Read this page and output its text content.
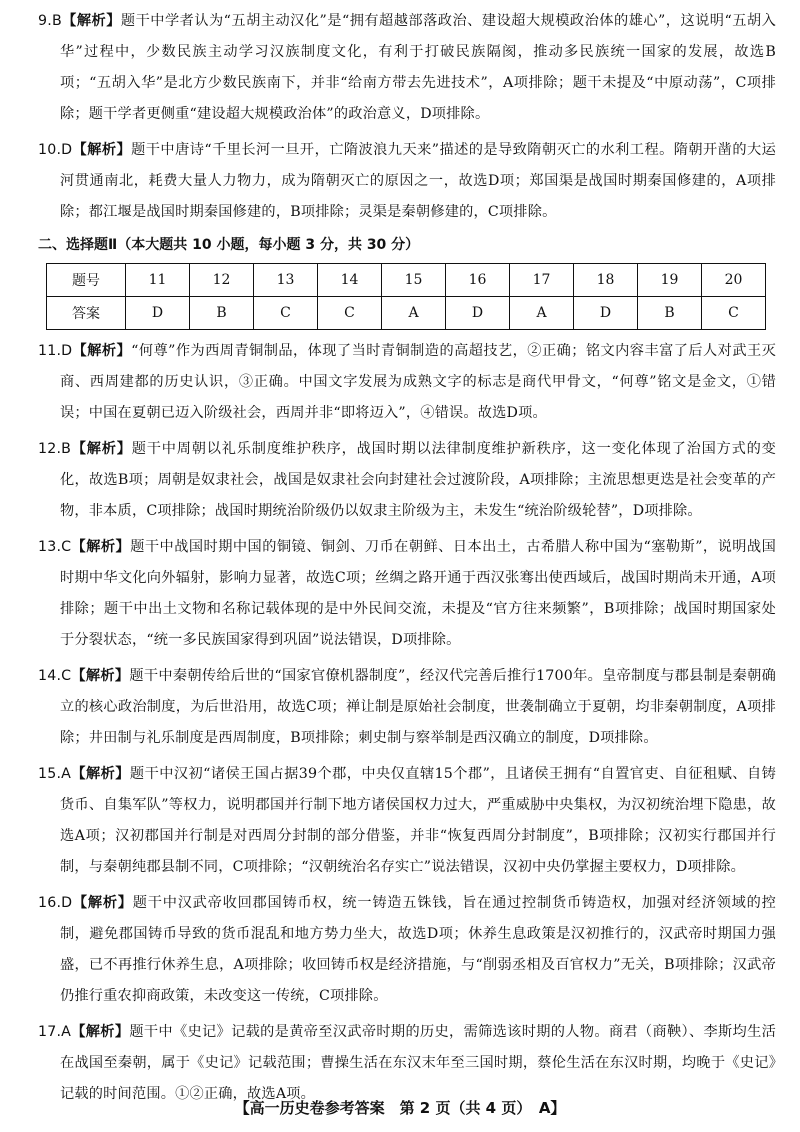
9.B【解析】题干中学者认为“五胡主动汉化”是“拥有超越部落政治、建设超大规模政治体的雄心”，这说明“五胡入华”过程中，少数民族主动学习汉族制度文化，有利于打破民族隔阂，推动多民族统一国家的发展，故选B项；“五胡入华”是北方少数民族南下，并非“给南方带去先进技术”，A项排除；题干未提及“中原动荡”，C项排除；题干学者更侧重“建设超大规模政治体”的政治意义，D项排除。

10.D【解析】题干中唐诗“千里长河一旦开，亡隋波浪九天来”描述的是导致隋朝灭亡的水利工程。隋朝开凿的大运河贯通南北，耗费大量人力物力，成为隋朝灭亡的原因之一，故选D项；郑国渠是战国时期秦国修建的，A项排除；都江堰是战国时期秦国修建的，B项排除；灵渠是秦朝修建的，C项排除。

二、选择题Ⅱ（本大题共 10 小题，每小题 3 分，共 30 分）
题号	11	12	13	14	15	16	17	18	19	20
答案	D	B	C	C	A	D	A	D	B	C

11.D【解析】“何尊”作为西周青铜制品，体现了当时青铜制造的高超技艺，②正确；铭文内容丰富了后人对武王灭商、西周建都的历史认识，③正确。中国文字发展为成熟文字的标志是商代甲骨文，“何尊”铭文是金文，①错误；中国在夏朝已迈入阶级社会，西周并非“即将迈入”，④错误。故选D项。

12.B【解析】题干中周朝以礼乐制度维护秩序，战国时期以法律制度维护新秩序，这一变化体现了治国方式的变化，故选B项；周朝是奴隶社会，战国是奴隶社会向封建社会过渡阶段，A项排除；主流思想更迭是社会变革的产物，非本质，C项排除；战国时期统治阶级仍以奴隶主阶级为主，未发生“统治阶级轮替”，D项排除。

13.C【解析】题干中战国时期中国的铜镜、铜剑、刀币在朝鲜、日本出土，古希腊人称中国为“塞勒斯”，说明战国时期中华文化向外辐射，影响力显著，故选C项；丝绸之路开通于西汉张骞出使西域后，战国时期尚未开通，A项排除；题干中出土文物和名称记载体现的是中外民间交流，未提及“官方往来频繁”，B项排除；战国时期国家处于分裂状态，“统一多民族国家得到巩固”说法错误，D项排除。

14.C【解析】题干中秦朝传给后世的“国家官僚机器制度”，经汉代完善后推行1700年。皇帝制度与郡县制是秦朝确立的核心政治制度，为后世沿用，故选C项；禅让制是原始社会制度，世袭制确立于夏朝，均非秦朝制度，A项排除；井田制与礼乐制度是西周制度，B项排除；刺史制与察举制是西汉确立的制度，D项排除。

15.A【解析】题干中汉初“诸侯王国占据39个郡，中央仅直辖15个郡”，且诸侯王拥有“自置官吏、自征租赋、自铸货币、自集军队”等权力，说明郡国并行制下地方诸侯国权力过大，严重威胁中央集权，为汉初统治埋下隐患，故选A项；汉初郡国并行制是对西周分封制的部分借鉴，并非“恢复西周分封制度”，B项排除；汉初实行郡国并行制，与秦朝纯郡县制不同，C项排除；“汉朝统治名存实亡”说法错误，汉初中央仍掌握主要权力，D项排除。

16.D【解析】题干中汉武帝收回郡国铸币权，统一铸造五铢钱，旨在通过控制货币铸造权，加强对经济领域的控制，避免郡国铸币导致的货币混乱和地方势力坐大，故选D项；休养生息政策是汉初推行的，汉武帝时期国力强盛，已不再推行休养生息，A项排除；收回铸币权是经济措施，与“削弱丞相及百官权力”无关，B项排除；汉武帝仍推行重农抑商政策，未改变这一传统，C项排除。

17.A【解析】题干中《史记》记载的是黄帝至汉武帝时期的历史，需筛选该时期的人物。商君（商鞅）、李斯均生活在战国至秦朝，属于《史记》记载范围；曹操生活在东汉末年至三国时期，蔡伦生活在东汉时期，均晚于《史记》记载的时间范围。①②正确，故选A项。

【高一历史卷参考答案　第 2 页（共 4 页）　A】
